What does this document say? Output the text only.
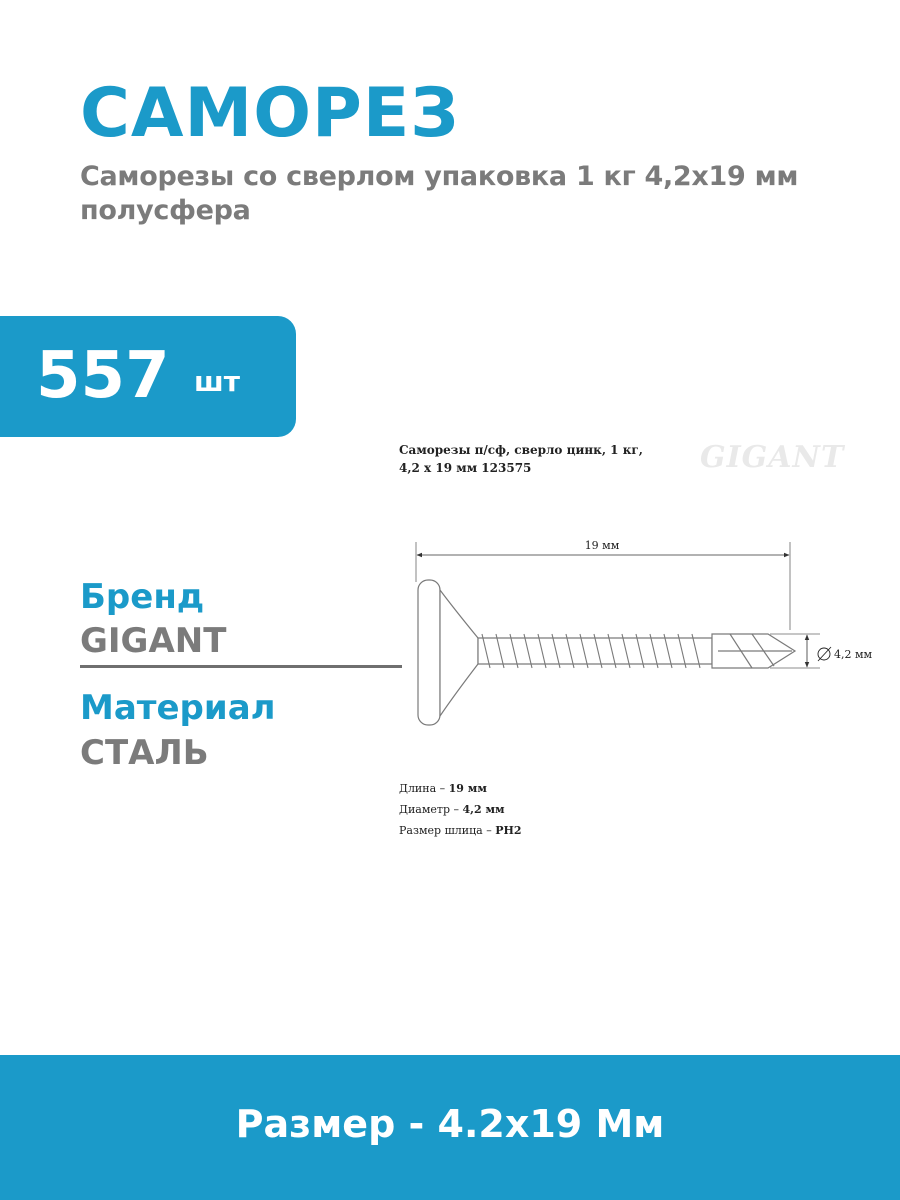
САМОРЕЗ

Саморезы со сверлом упаковка 1 кг 4,2х19 мм полусфера

557 шт

Бренд

GIGANT

Материал

СТАЛЬ

Саморезы п/сф, сверло цинк, 1 кг,
4,2 х 19 мм 123575	GIGANT
19 мм
4,2 мм
Длина – 19 мм
Диаметр – 4,2 мм
Размер шлица – PH2
Размер - 4.2х19 Мм
